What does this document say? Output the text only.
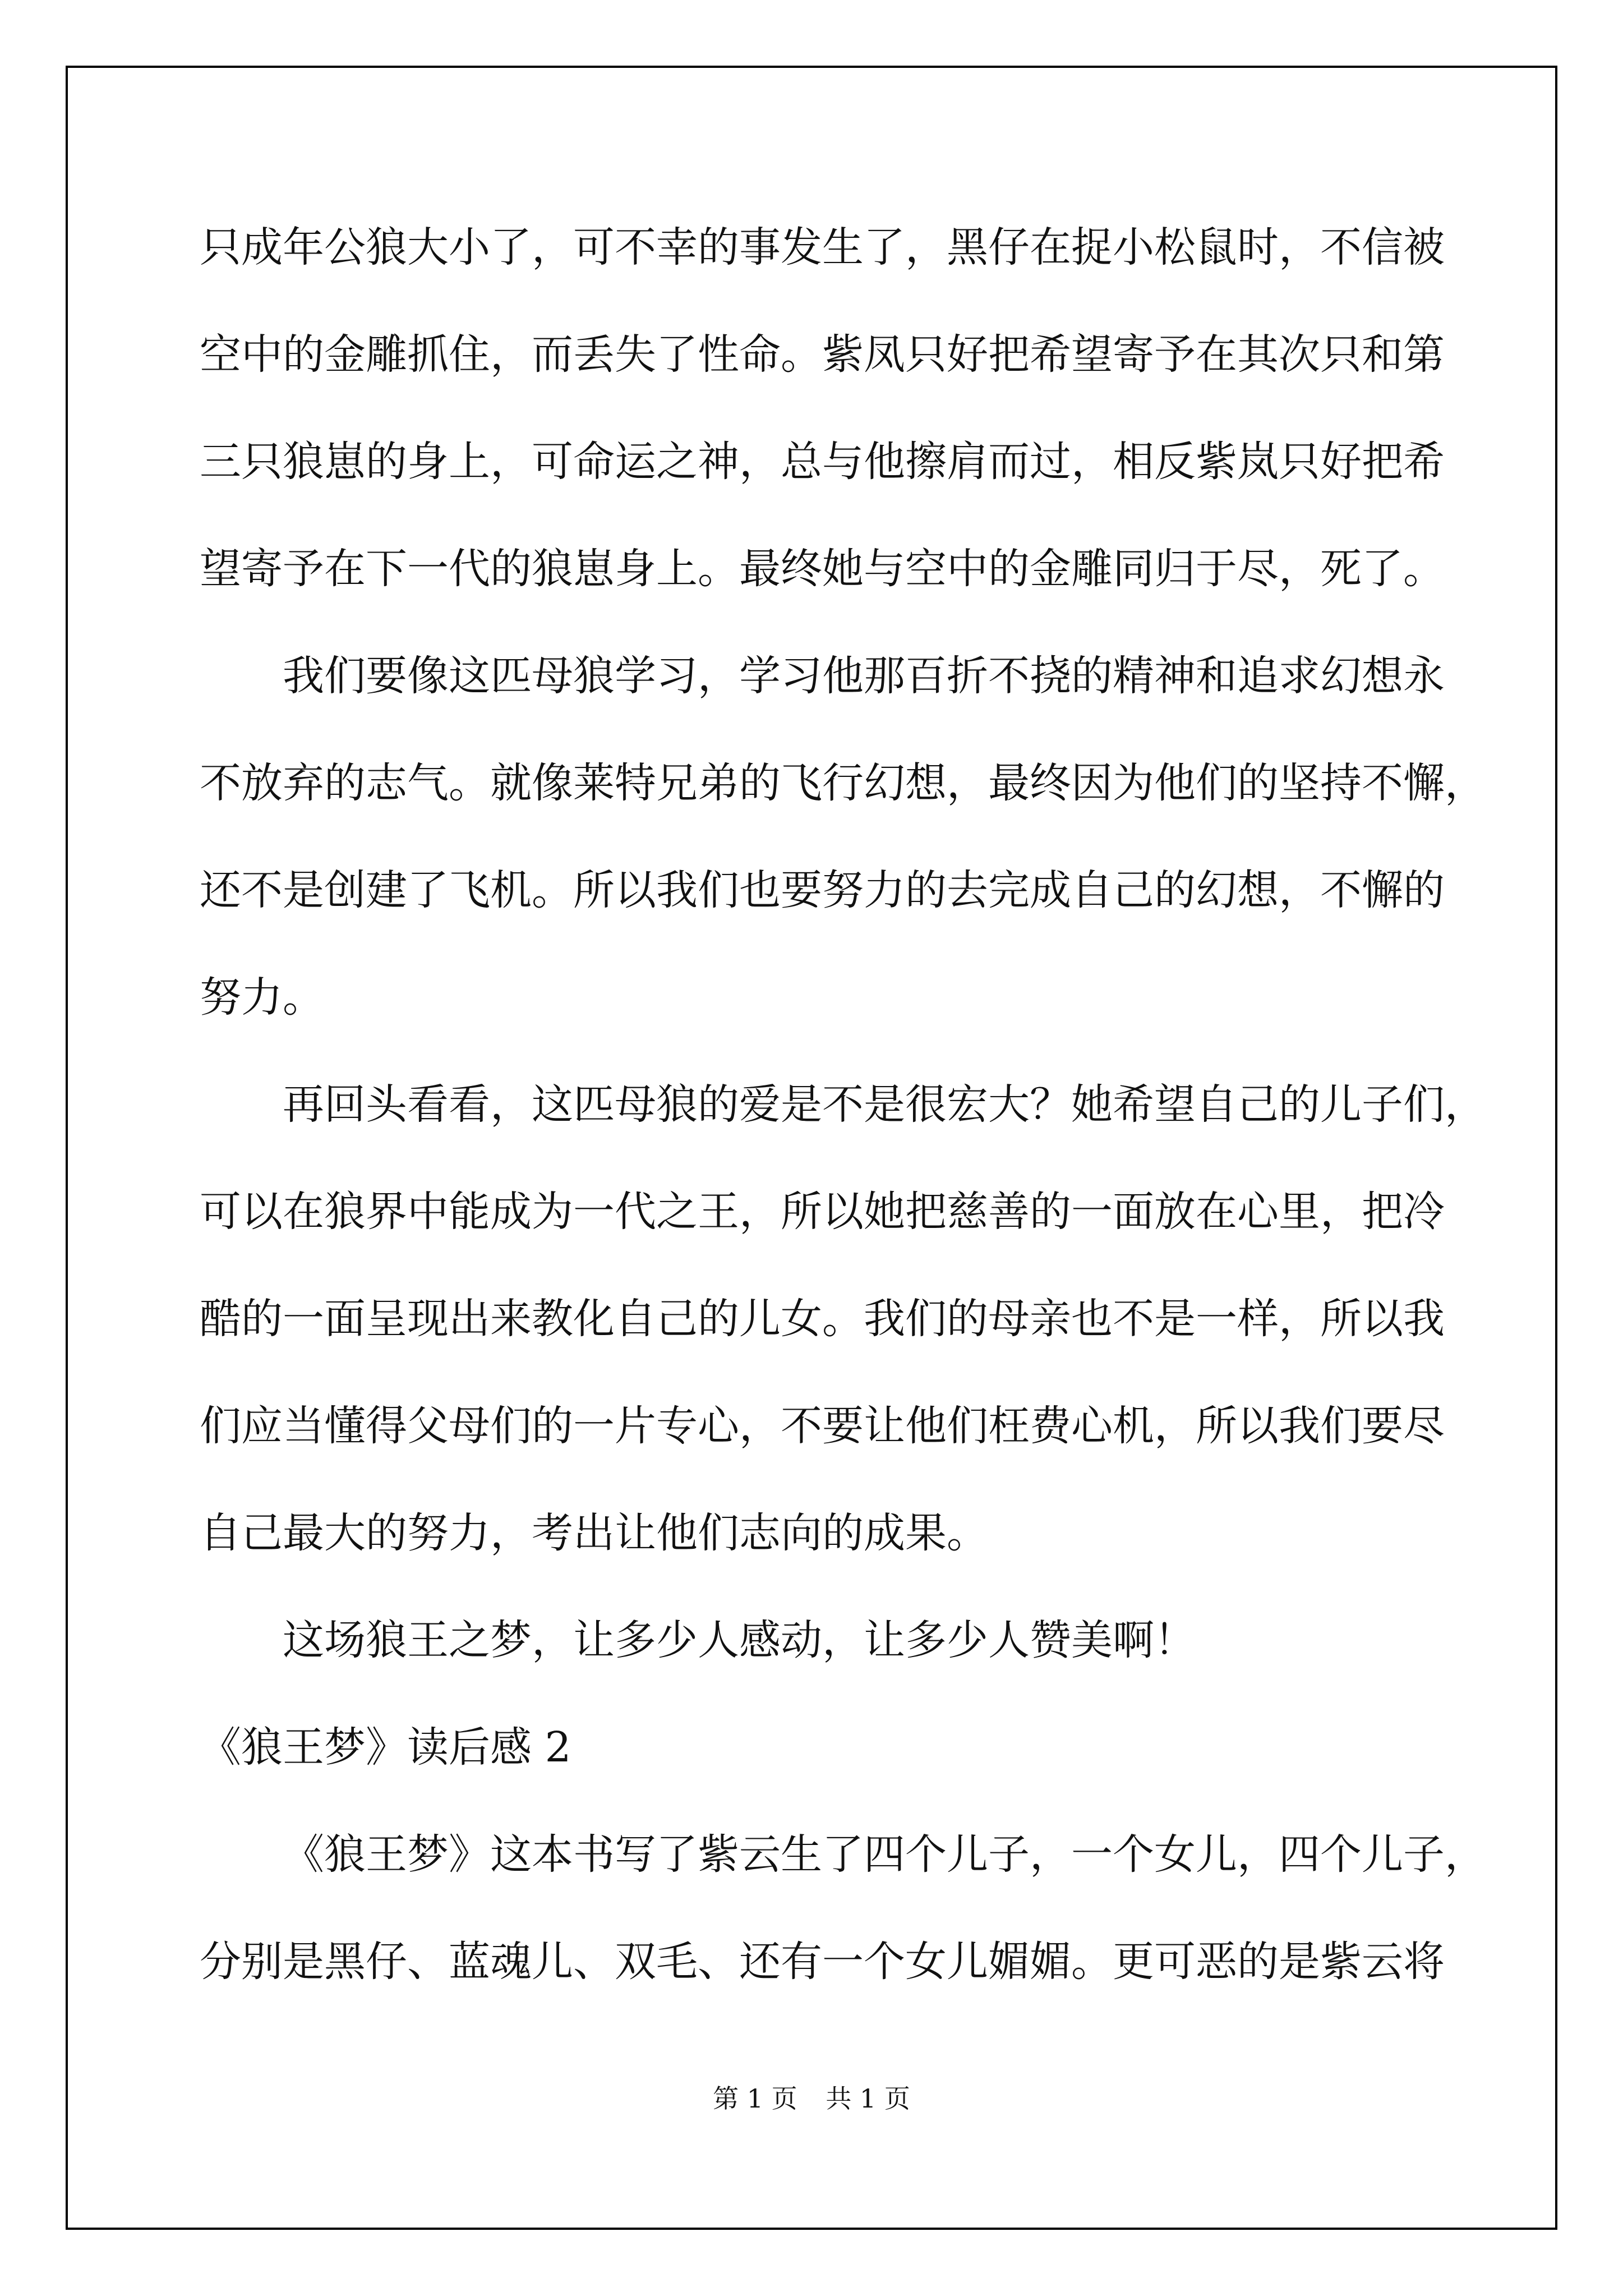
只成年公狼大小了，可不幸的事发生了，黑仔在捉小松鼠时，不信被
空中的金雕抓住，而丢失了性命。紫凤只好把希望寄予在其次只和第
三只狼崽的身上，可命运之神，总与他擦肩而过，相反紫岚只好把希
望寄予在下一代的狼崽身上。最终她与空中的金雕同归于尽，死了。
我们要像这匹母狼学习，学习他那百折不挠的精神和追求幻想永
不放弃的志气。就像莱特兄弟的飞行幻想，最终因为他们的坚持不懈，
还不是创建了飞机。所以我们也要努力的去完成自己的幻想，不懈的
努力。
再回头看看，这匹母狼的爱是不是很宏大？她希望自己的儿子们，
可以在狼界中能成为一代之王，所以她把慈善的一面放在心里，把冷
酷的一面呈现出来教化自己的儿女。我们的母亲也不是一样，所以我
们应当懂得父母们的一片专心，不要让他们枉费心机，所以我们要尽
自己最大的努力，考出让他们志向的成果。
这场狼王之梦，让多少人感动，让多少人赞美啊！
《狼王梦》读后感 2
《狼王梦》这本书写了紫云生了四个儿子，一个女儿，四个儿子，
分别是黑仔、蓝魂儿、双毛、还有一个女儿媚媚。更可恶的是紫云将
第 1 页 共 1 页
